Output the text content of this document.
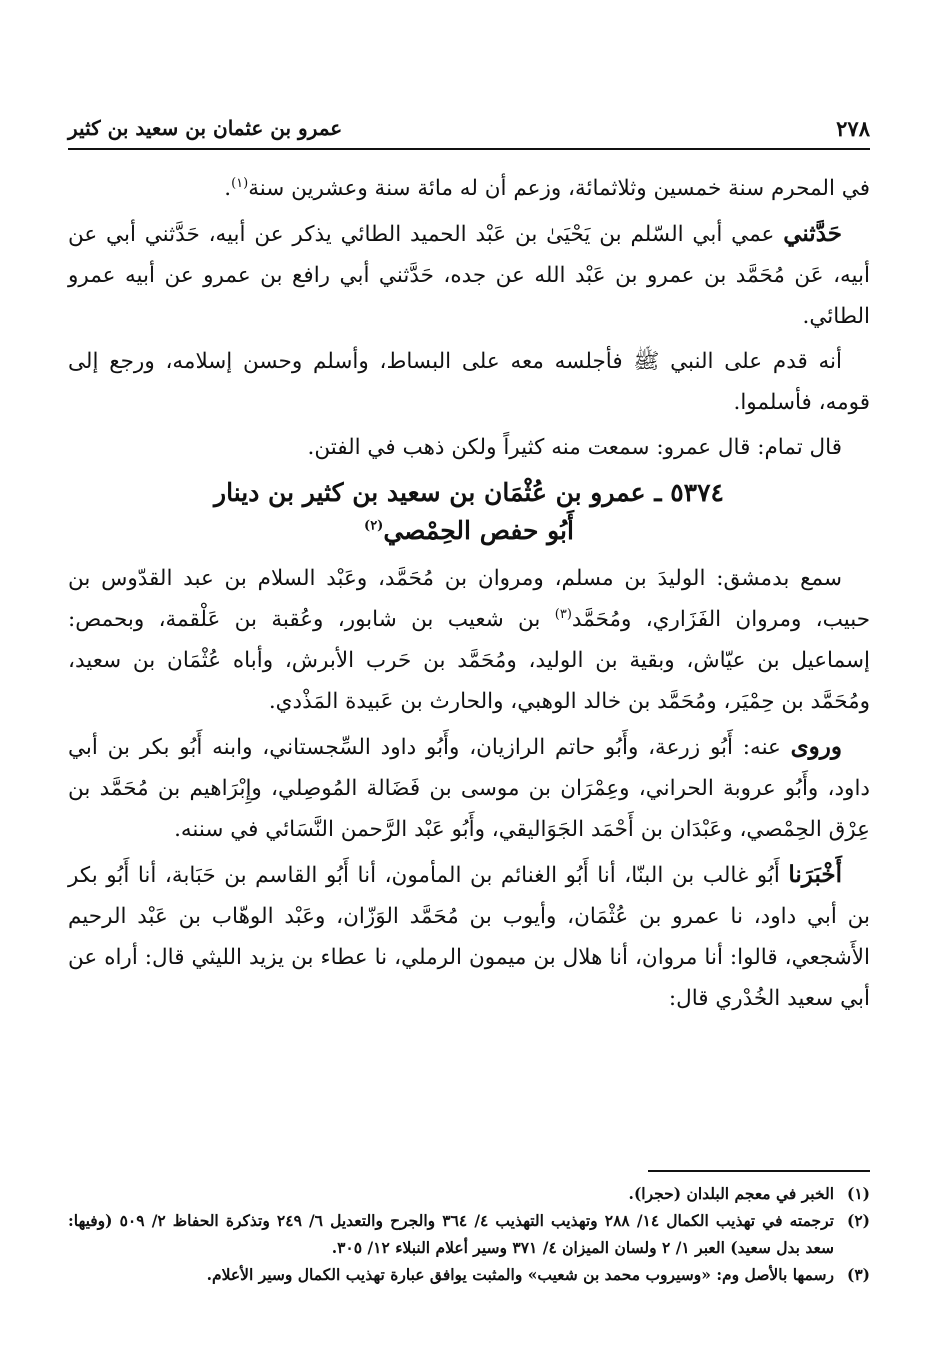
٢٧٨
عمرو بن عثمان بن سعيد بن كثير

في المحرم سنة خمسين وثلاثمائة، وزعم أن له مائة سنة وعشرين سنة$^{(١)}$.

حَدَّثني عمي أبي السّلم بن يَحْيَىٰ بن عَبْد الحميد الطائي يذكر عن أبيه، حَدَّثني أبي عن أبيه، عَن مُحَمَّد بن عمرو بن عَبْد الله عن جده، حَدَّثني أبي رافع بن عمرو عن أبيه عمرو الطائي.

أنه قدم على النبي ﷺ فأجلسه معه على البساط، وأسلم وحسن إسلامه، ورجع إلى قومه، فأسلموا.

قال تمام: قال عمرو: سمعت منه كثيراً ولكن ذهب في الفتن.

٥٣٧٤ ـ عمرو بن عُثْمَان بن سعيد بن كثير بن دينار
أَبُو حفص الحِمْصي$^{(٢)}$

سمع بدمشق: الوليدَ بن مسلم، ومروان بن مُحَمَّد، وعَبْد السلام بن عبد القدّوس بن حبيب، ومروان الفَزَاري، ومُحَمَّد$^{(٣)}$ بن شعيب بن شابور، وعُقبة بن عَلْقمة، وبحمص: إسماعيل بن عيّاش، وبقية بن الوليد، ومُحَمَّد بن حَرب الأبرش، وأباه عُثْمَان بن سعيد، ومُحَمَّد بن حِمْيَر، ومُحَمَّد بن خالد الوهبي، والحارث بن عَبيدة المَذْدي.

وروى عنه: أَبُو زرعة، وأَبُو حاتم الرازيان، وأَبُو داود السِّجستاني، وابنه أَبُو بكر بن أبي داود، وأَبُو عروبة الحراني، وعِمْرَان بن موسى بن فَضَالة المُوصِلي، وإِبْرَاهيم بن مُحَمَّد بن عِرْق الحِمْصي، وعَبْدَان بن أَحْمَد الجَوَاليقي، وأَبُو عَبْد الرَّحمن النَّسَائي في سننه.

أَخْبَرَنا أَبُو غالب بن البنّا، أنا أَبُو الغنائم بن المأمون، أنا أَبُو القاسم بن حَبَابة، أنا أَبُو بكر بن أبي داود، نا عمرو بن عُثْمَان، وأيوب بن مُحَمَّد الوَزّان، وعَبْد الوهّاب بن عَبْد الرحيم الأَشجعي، قالوا: أنا مروان، أنا هلال بن ميمون الرملي، نا عطاء بن يزيد الليثي قال: أراه عن أبي سعيد الخُدْري قال:

(١)
الخبر في معجم البلدان (حجرا).
(٢)
ترجمته في تهذيب الكمال ١٤/ ٢٨٨ وتهذيب التهذيب ٤/ ٣٦٤ والجرح والتعديل ٦/ ٢٤٩ وتذكرة الحفاظ ٢/ ٥٠٩ (وفيها: سعد بدل سعيد) العبر ١/ ٢ ولسان الميزان ٤/ ٣٧١ وسير أعلام النبلاء ١٢/ ٣٠٥.
(٣)
رسمها بالأصل وم: «وسيروب محمد بن شعيب» والمثبت يوافق عبارة تهذيب الكمال وسير الأعلام.
